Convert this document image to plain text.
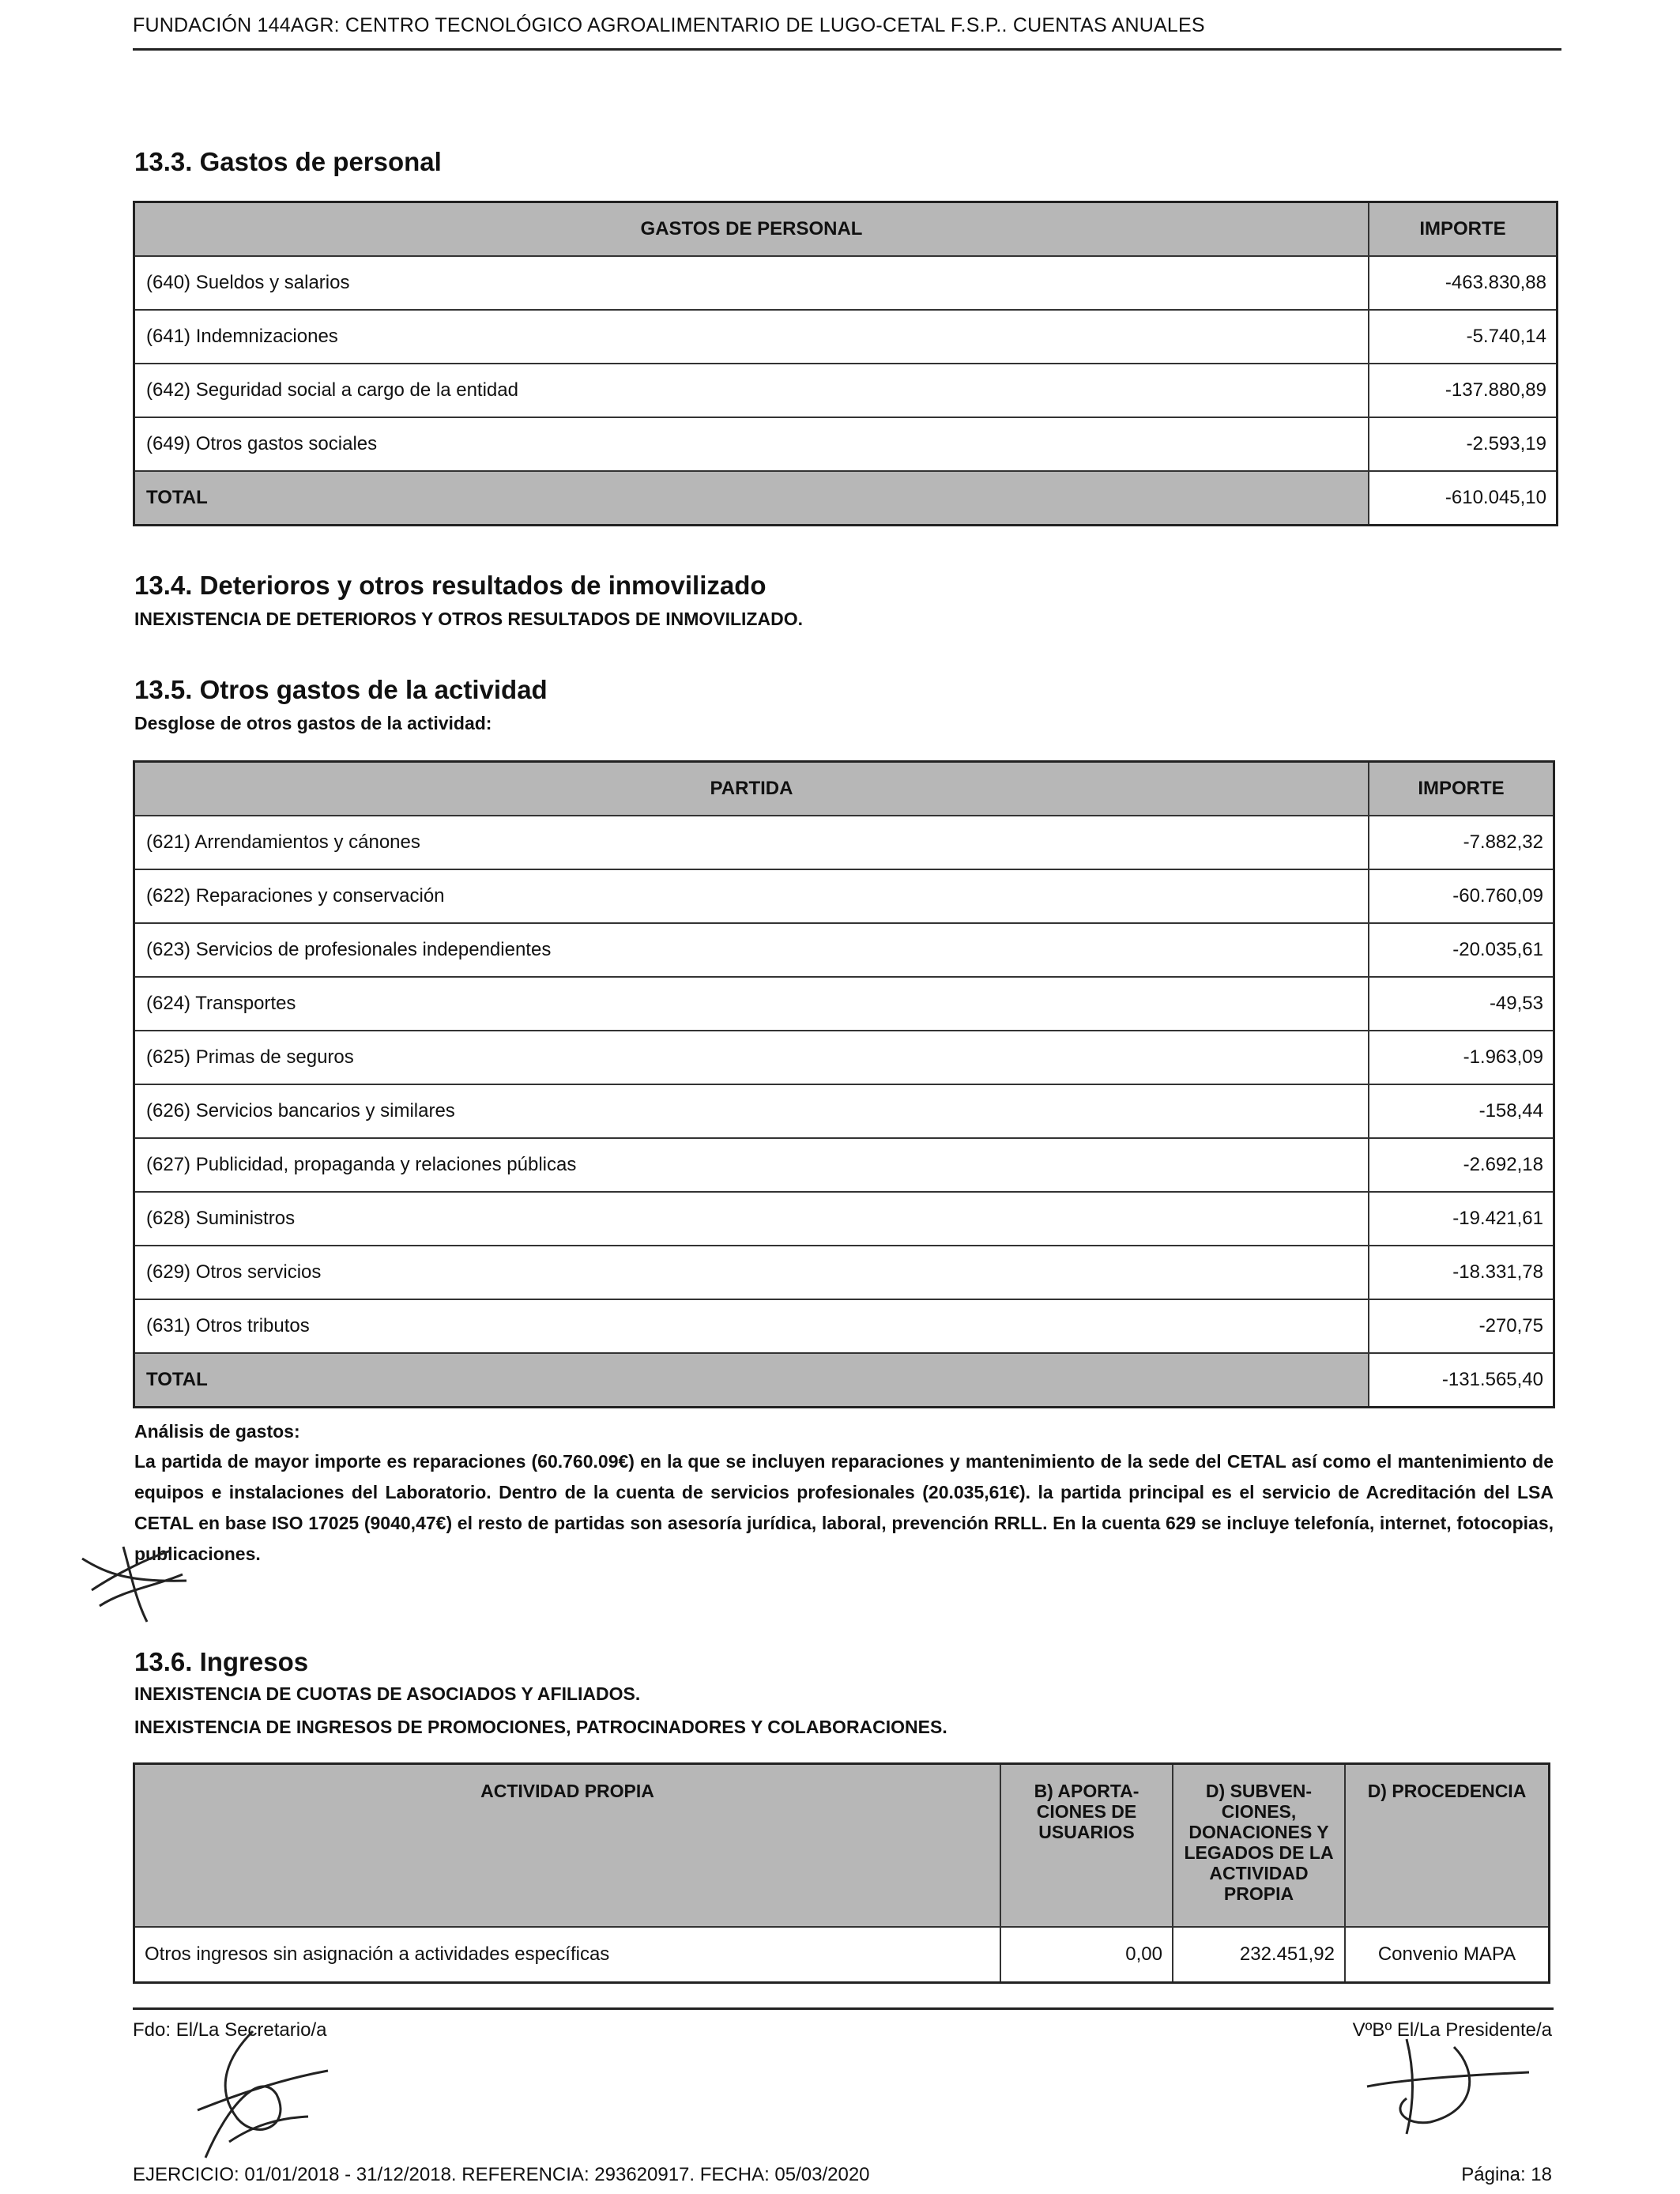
FUNDACIÓN 144AGR: CENTRO TECNOLÓGICO AGROALIMENTARIO DE LUGO-CETAL F.S.P.. CUENTAS ANUALES
13.3. Gastos de personal
GASTOS DE PERSONAL	IMPORTE
(640) Sueldos y salarios	-463.830,88
(641) Indemnizaciones	-5.740,14
(642) Seguridad social a cargo de la entidad	-137.880,89
(649) Otros gastos sociales	-2.593,19
TOTAL	-610.045,10
13.4. Deterioros y otros resultados de inmovilizado
INEXISTENCIA DE DETERIOROS Y OTROS RESULTADOS DE INMOVILIZADO.
13.5. Otros gastos de la actividad
Desglose de otros gastos de la actividad:
PARTIDA	IMPORTE
(621) Arrendamientos y cánones	-7.882,32
(622) Reparaciones y conservación	-60.760,09
(623) Servicios de profesionales independientes	-20.035,61
(624) Transportes	-49,53
(625) Primas de seguros	-1.963,09
(626) Servicios bancarios y similares	-158,44
(627) Publicidad, propaganda y relaciones públicas	-2.692,18
(628) Suministros	-19.421,61
(629) Otros servicios	-18.331,78
(631) Otros tributos	-270,75
TOTAL	-131.565,40
Análisis de gastos:
La partida de mayor importe es reparaciones (60.760.09€) en la que se incluyen reparaciones y mantenimiento de la sede del CETAL así como el mantenimiento de equipos e instalaciones del Laboratorio. Dentro de la cuenta de servicios profesionales (20.035,61€). la partida principal es el servicio de Acreditación del LSA CETAL en base ISO 17025 (9040,47€) el resto de partidas son asesoría jurídica, laboral, prevención RRLL. En la cuenta 629 se incluye telefonía, internet, fotocopias, publicaciones.
13.6. Ingresos
INEXISTENCIA DE CUOTAS DE ASOCIADOS Y AFILIADOS.
INEXISTENCIA DE INGRESOS DE PROMOCIONES, PATROCINADORES Y COLABORACIONES.
ACTIVIDAD PROPIA	B) APORTA-CIONES DE USUARIOS	D) SUBVEN-CIONES, DONACIONES Y LEGADOS DE LA ACTIVIDAD PROPIA	D) PROCEDENCIA
Otros ingresos sin asignación a actividades específicas	0,00	232.451,92	Convenio MAPA
Fdo: El/La Secretario/a	VºBº El/La Presidente/a
EJERCICIO: 01/01/2018 - 31/12/2018. REFERENCIA: 293620917. FECHA: 05/03/2020	Página: 18
